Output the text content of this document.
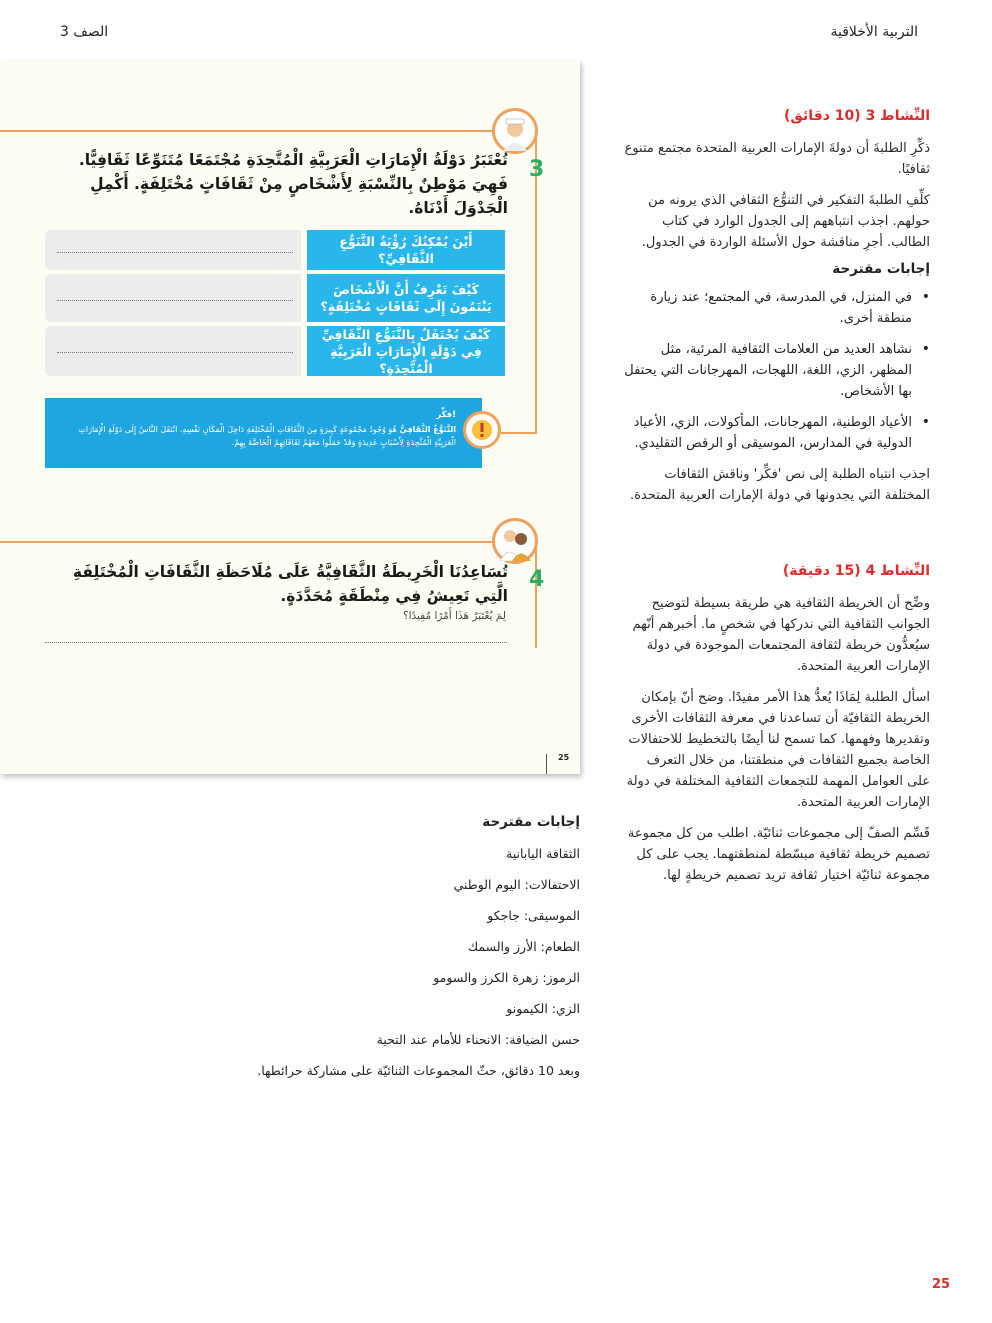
التربية الأخلاقية
الصف 3
3
تُعْتَبَرُ دَوْلَةُ الْإِمَارَاتِ الْعَرَبِيَّةِ الْمُتَّحِدَةِ مُجْتَمَعًا مُتَنَوِّعًا ثَقَافِيًّا. فَهِيَ مَوْطِنٌ بِالنِّسْبَةِ لِأَشْخَاصٍ مِنْ ثَقَافَاتٍ مُخْتَلِفَةٍ. أَكْمِلِ الْجَدْوَلَ أَدْنَاهُ.
أَيْنَ يُمْكِنُكَ رُؤْيَةُ التَّنَوُّعِ الثَّقَافِيِّ؟
كَيْفَ تَعْرِفُ أَنَّ الْأَشْخَاصَ يَنْتَمُونَ إِلَى ثَقَافَاتٍ مُخْتَلِفَةٍ؟
كَيْفَ يُحْتَفَلُ بِالتَّنَوُّعِ الثَّقَافِيِّ فِي دَوْلَةِ الْإِمَارَاتِ الْعَرَبِيَّةِ الْمُتَّحِدَةِ؟
فكِّر!
التَّنَوُّعُ الثَّقَافِيُّ هُوَ وُجُودُ مَجْمُوعَةٍ كَبِيرَةٍ مِنَ الثَّقَافَاتِ الْمُخْتَلِفَةِ دَاخِلَ الْمَكَانِ نَفْسِهِ. انْتَقَلَ النَّاسُ إِلَى دَوْلَةِ الْإِمَارَاتِ الْعَرَبِيَّةِ الْمُتَّحِدَةِ لِأَسْبَابٍ عَدِيدَةٍ وَقَدْ حَمَلُوا مَعَهُمْ ثَقَافَاتِهِمُ الْخَاصَّةَ بِهِمْ.
4
تُسَاعِدُنَا الْخَرِيطَةُ الثَّقَافِيَّةُ عَلَى مُلَاحَظَةِ الثَّقَافَاتِ الْمُخْتَلِفَةِ الَّتِي تَعِيشُ فِي مِنْطَقَةٍ مُحَدَّدَةٍ.
لِمَ يُعْتَبَرُ هَذَا أَمْرًا مُفِيدًا؟
25
النِّشاط 3 (10 دقائق)
ذكِّرِ الطلبةَ أن دولةَ الإمارات العربية المتحدة مجتمع متنوع ثقافيًا.
كلِّفِ الطلبةَ التفكير في التنوُّع الثقافي الذي يرونه من حولهم. اجذب انتباههم إلى الجدول الوارد في كتاب الطالب. أجرِ مناقشة حول الأسئلة الواردة في الجدول.
إجابات مقترحة
• في المنزل، في المدرسة، في المجتمع؛ عند زيارة منطقة أخرى.
• نشاهد العديد من العلامات الثقافية المرئية، مثل المظهر، الزي، اللغة، اللهجات، المهرجانات التي يحتفل بها الأشخاص.
• الأعياد الوطنية، المهرجانات، المأكولات، الزي، الأعياد الدولية في المدارس، الموسيقى أو الرقص التقليدي.
اجذب انتباه الطلبة إلى نص 'فكِّر' وناقش الثقافات المختلفة التي يجدونها في دولة الإمارات العربية المتحدة.
النِّشاط 4 (15 دقيقة)
وضِّح أن الخريطة الثقافية هي طريقة بسيطة لتوضيح الجوانب الثقافية التي ندركها في شخصٍ ما. أخبرهم أنّهم سيُعدُّون خريطة لثقافة المجتمعات الموجودة في دولة الإمارات العربية المتحدة.
اسأل الطلبة لِمَاذَا يُعدُّ هذا الأمر مفيدًا. وضح أنّ بإمكان الخريطة الثقافيّة أن تساعدنا في معرفة الثقافات الأخرى وتقديرها وفهمها. كما تسمح لنا أيضًا بالتخطيط للاحتفالات الخاصة بجميع الثقافات في منطقتنا، من خلال التعرف على العوامل المهمة للتجمعات الثقافية المختلفة في دولة الإمارات العربية المتحدة.
قَسِّم الصفّ إلى مجموعات ثنائيّة. اطلب من كل مجموعة تصميم خريطة ثقافية مبسّطة لمنطقتهما. يجب على كل مجموعة ثنائيّة اختيار ثقافة تريد تصميم خريطةٍ لها.
إجابات مقترحة
الثقافة اليابانية
الاحتفالات: اليوم الوطني
الموسيقى: جاجكو
الطعام: الأرز والسمك
الرموز: زهرة الكرز والسومو
الزي: الكيمونو
حسن الضيافة: الانحناء للأمام عند التحية
وبعد 10 دقائق، حثّ المجموعات الثنائيّة على مشاركة حرائطها.
25
